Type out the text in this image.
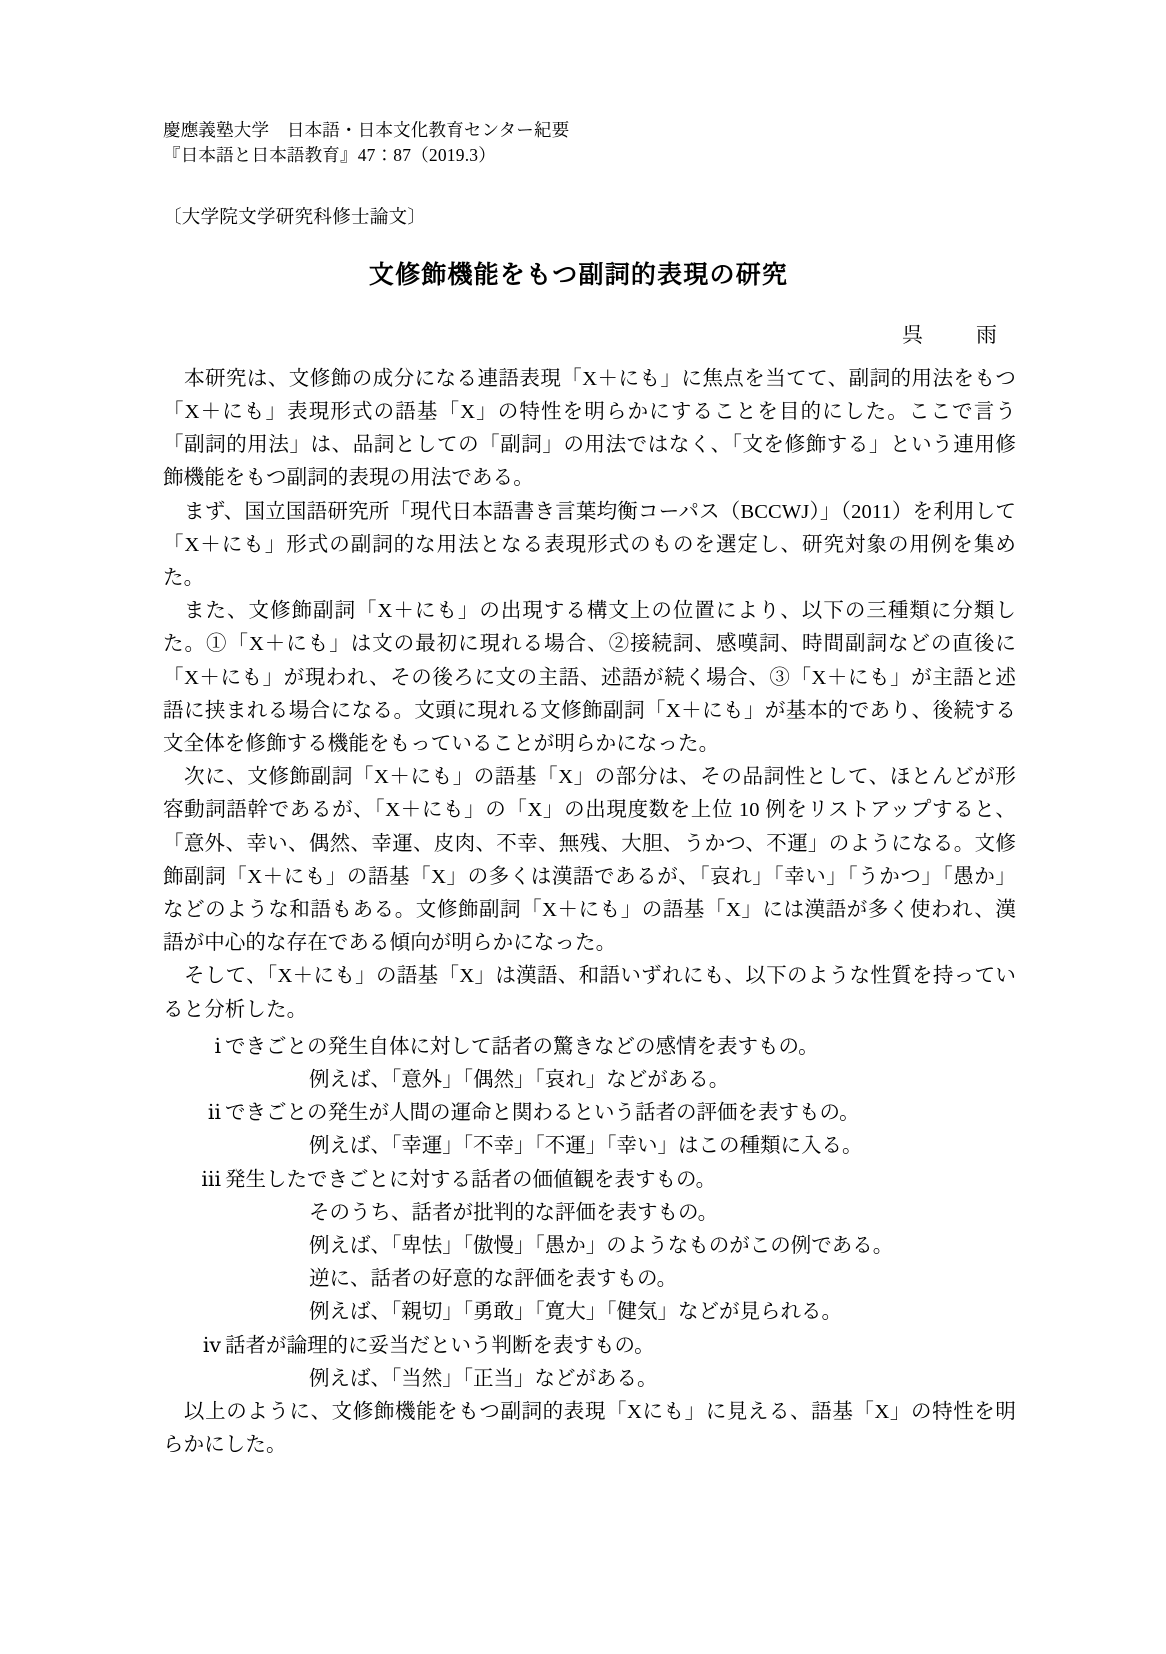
慶應義塾大学　日本語・日本文化教育センター紀要
『日本語と日本語教育』47：87（2019.3）
〔大学院文学研究科修士論文〕
文修飾機能をもつ副詞的表現の研究
呉 雨

本研究は、文修飾の成分になる連語表現「X＋にも」に焦点を当てて、副詞的用法をもつ「X＋にも」表現形式の語基「X」の特性を明らかにすることを目的にした。ここで言う「副詞的用法」は、品詞としての「副詞」の用法ではなく、「文を修飾する」という連用修飾機能をもつ副詞的表現の用法である。

まず、国立国語研究所「現代日本語書き言葉均衡コーパス（BCCWJ）」（2011）を利用して「X＋にも」形式の副詞的な用法となる表現形式のものを選定し、研究対象の用例を集めた。

また、文修飾副詞「X＋にも」の出現する構文上の位置により、以下の三種類に分類した。①「X＋にも」は文の最初に現れる場合、②接続詞、感嘆詞、時間副詞などの直後に「X＋にも」が現われ、その後ろに文の主語、述語が続く場合、③「X＋にも」が主語と述語に挟まれる場合になる。文頭に現れる文修飾副詞「X＋にも」が基本的であり、後続する文全体を修飾する機能をもっていることが明らかになった。

次に、文修飾副詞「X＋にも」の語基「X」の部分は、その品詞性として、ほとんどが形容動詞語幹であるが、「X＋にも」の「X」の出現度数を上位 10 例をリストアップすると、「意外、幸い、偶然、幸運、皮肉、不幸、無残、大胆、うかつ、不運」のようになる。文修飾副詞「X＋にも」の語基「X」の多くは漢語であるが、「哀れ」「幸い」「うかつ」「愚か」などのような和語もある。文修飾副詞「X＋にも」の語基「X」には漢語が多く使われ、漢語が中心的な存在である傾向が明らかになった。

そして、「X＋にも」の語基「X」は漢語、和語いずれにも、以下のような性質を持っていると分析した。

ⅰ できごとの発生自体に対して話者の驚きなどの感情を表すもの。
例えば、「意外」「偶然」「哀れ」などがある。
ⅱ できごとの発生が人間の運命と関わるという話者の評価を表すもの。
例えば、「幸運」「不幸」「不運」「幸い」はこの種類に入る。
ⅲ 発生したできごとに対する話者の価値観を表すもの。
そのうち、話者が批判的な評価を表すもの。
例えば、「卑怯」「傲慢」「愚か」のようなものがこの例である。
逆に、話者の好意的な評価を表すもの。
例えば、「親切」「勇敢」「寛大」「健気」などが見られる。
ⅳ 話者が論理的に妥当だという判断を表すもの。
例えば、「当然」「正当」などがある。

以上のように、文修飾機能をもつ副詞的表現「Xにも」に見える、語基「X」の特性を明らかにした。
